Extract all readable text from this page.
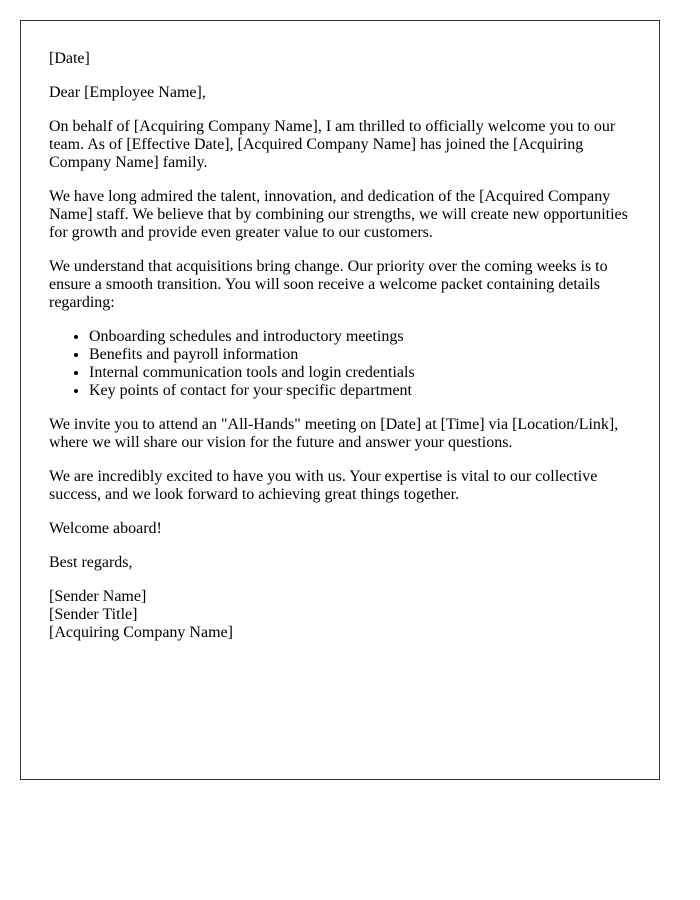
[Date]

Dear [Employee Name],

On behalf of [Acquiring Company Name], I am thrilled to officially welcome you to our team. As of [Effective Date], [Acquired Company Name] has joined the [Acquiring Company Name] family.

We have long admired the talent, innovation, and dedication of the [Acquired Company Name] staff. We believe that by combining our strengths, we will create new opportunities for growth and provide even greater value to our customers.

We understand that acquisitions bring change. Our priority over the coming weeks is to ensure a smooth transition. You will soon receive a welcome packet containing details regarding:

• Onboarding schedules and introductory meetings
• Benefits and payroll information
• Internal communication tools and login credentials
• Key points of contact for your specific department

We invite you to attend an "All-Hands" meeting on [Date] at [Time] via [Location/Link], where we will share our vision for the future and answer your questions.

We are incredibly excited to have you with us. Your expertise is vital to our collective success, and we look forward to achieving great things together.

Welcome aboard!

Best regards,

[Sender Name]
[Sender Title]
[Acquiring Company Name]
